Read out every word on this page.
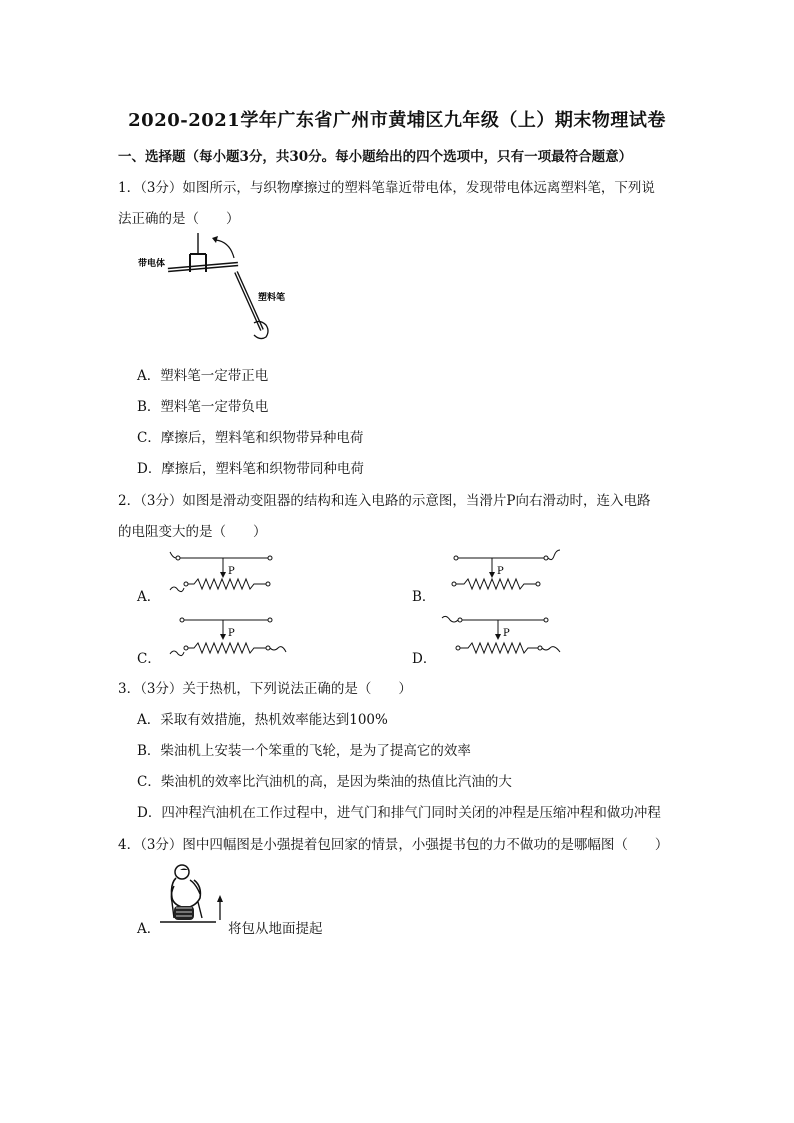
2020-2021学年广东省广州市黄埔区九年级（上）期末物理试卷
一、选择题（每小题3分，共30分。每小题给出的四个选项中，只有一项最符合题意）
1．（3分）如图所示，与织物摩擦过的塑料笔靠近带电体，发现带电体远离塑料笔，下列说
法正确的是（　　）
带电体
塑料笔
A．塑料笔一定带正电
B．塑料笔一定带负电
C．摩擦后，塑料笔和织物带异种电荷
D．摩擦后，塑料笔和织物带同种电荷
2．（3分）如图是滑动变阻器的结构和连入电路的示意图，当滑片P向右滑动时，连入电路
的电阻变大的是（　　）
A．
P
B．
P
C．
P
D．
P
3．（3分）关于热机，下列说法正确的是（　　）
A．采取有效措施，热机效率能达到100%
B．柴油机上安装一个笨重的飞轮，是为了提高它的效率
C．柴油机的效率比汽油机的高，是因为柴油的热值比汽油的大
D．四冲程汽油机在工作过程中，进气门和排气门同时关闭的冲程是压缩冲程和做功冲程
4．（3分）图中四幅图是小强提着包回家的情景，小强提书包的力不做功的是哪幅图（　　）
A．	将包从地面提起
